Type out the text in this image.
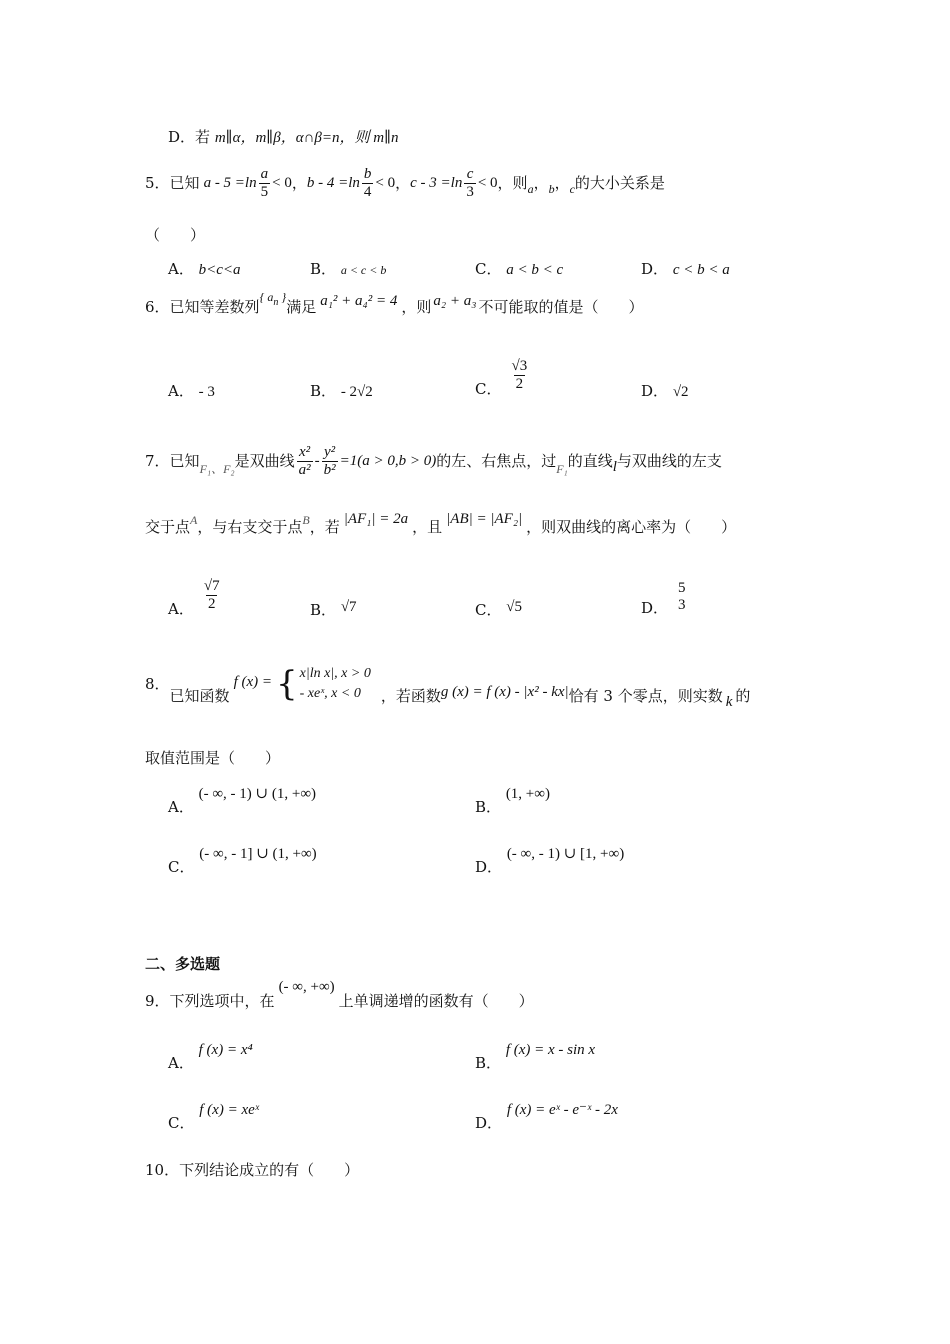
D．若 m∥α，m∥β，α∩β=n，则 m∥n
5． 已知 $a - 5 =\ln \frac{a}{5} < 0$ ， $b - 4 =\ln \frac{b}{4} < 0$ ， $c - 3 =\ln \frac{c}{3} < 0$ ，则 a ， b ， c 的大小关系是
（　　）
A． b<c<a	B． a < c < b	C． a < b < c	D． c < b < a
6． 已知等差数列
{ $a_n$ }
满足 a₁² + a₄² = 4 ，则 a₂ + a₃ 不可能取的值是（　　）
A． - 3	B． - 2√2	C． $\frac{√3}{2}$	D． √2
7． 已知 F₁、F₂ 是双曲线 $\frac{\text{x²}}{\text{a²}} - \frac{\text{y²}}{\text{b²}} =1(a > 0,b > 0)$ 的左、右焦点，过 F₁ 的直线 l 与双曲线的左支
交于点 A ，与右支交于点 B ，若 |AF₁| = 2a ，且 |AB| = |AF₂| ，则双曲线的离心率为（　　）
A． $\frac{√7}{2}$	B． √7	C． √5	D．
5
3
8．
已知函数
f (x) = { x|ln x|, x > 0
- xeˣ, x < 0	，若函数 g (x) = f (x) - |x² - kx| 恰有 3 个零点，则实数 k 的
取值范围是（　　）
A． (- ∞, - 1) ∪ (1, +∞)
B． (1, +∞)
C． (- ∞, - 1] ∪ (1, +∞)
D． (- ∞, - 1) ∪ [1, +∞)
二、多选题
9． 下列选项中，在
(- ∞, +∞)
上单调递增的函数有（　　）
A． f (x) = x⁴
B． f (x) = x - sin x
C． f (x) = xeˣ
D． f (x) = eˣ - e⁻ˣ - 2x
10．下列结论成立的有（　　）
